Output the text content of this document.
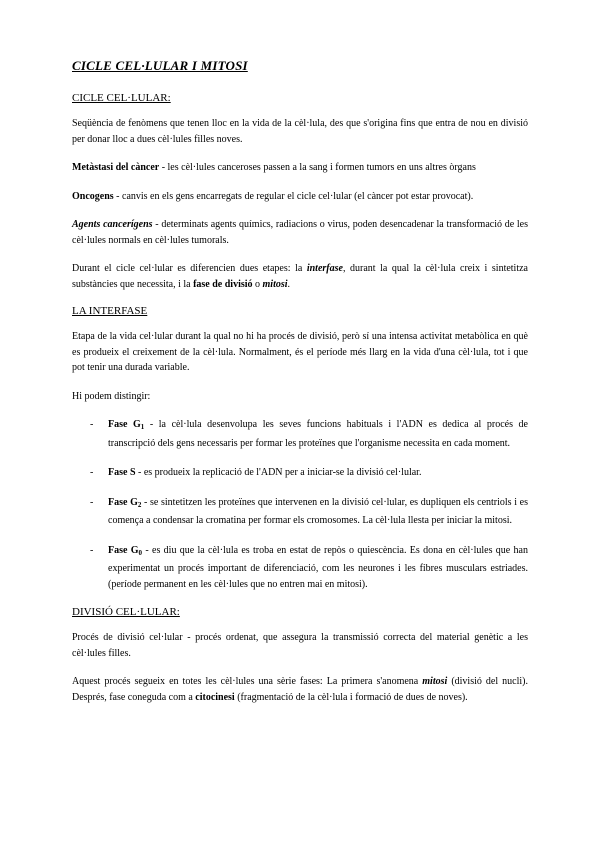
CICLE CEL·LULAR I MITOSI
CICLE CEL·LULAR:

Seqüència de fenòmens que tenen lloc en la vida de la cèl·lula, des que s'origina fins que entra de nou en divisió per donar lloc a dues cèl·lules filles noves.

Metàstasi del càncer - les cèl·lules canceroses passen a la sang i formen tumors en uns altres òrgans

Oncogens - canvis en els gens encarregats de regular el cicle cel·lular (el càncer pot estar provocat).

Agents cancerígens - determinats agents químics, radiacions o virus, poden desencadenar la transformació de les cèl·lules normals en cèl·lules tumorals.

Durant el cicle cel·lular es diferencien dues etapes: la interfase, durant la qual la cèl·lula creix i sintetitza substàncies que necessita, i la fase de divisió o mitosi.

LA INTERFASE

Etapa de la vida cel·lular durant la qual no hi ha procés de divisió, però sí una intensa activitat metabòlica en què es produeix el creixement de la cèl·lula. Normalment, és el període més llarg en la vida d'una cèl·lula, tot i que pot tenir una durada variable.

Hi podem distingir:

- Fase $G_1$ - la cèl·lula desenvolupa les seves funcions habituals i l'ADN es dedica al procés de transcripció dels gens necessaris per formar les proteïnes que l'organisme necessita en cada moment.
- Fase S - es produeix la replicació de l'ADN per a iniciar-se la divisió cel·lular.
- Fase $G_2$ - se sintetitzen les proteïnes que intervenen en la divisió cel·lular, es dupliquen els centriols i es comença a condensar la cromatina per formar els cromosomes. La cèl·lula llesta per iniciar la mitosi.
- Fase $G_0$ - es diu que la cèl·lula es troba en estat de repòs o quiescència. Es dona en cèl·lules que han experimentat un procés important de diferenciació, com les neurones i les fibres musculars estriades. (període permanent en les cèl·lules que no entren mai en mitosi).
DIVISIÓ CEL·LULAR:

Procés de divisió cel·lular - procés ordenat, que assegura la transmissió correcta del material genètic a les cèl·lules filles.

Aquest procés segueix en totes les cèl·lules una sèrie fases: La primera s'anomena mitosi (divisió del nucli). Després, fase coneguda com a citocinesi (fragmentació de la cèl·lula i formació de dues de noves).
